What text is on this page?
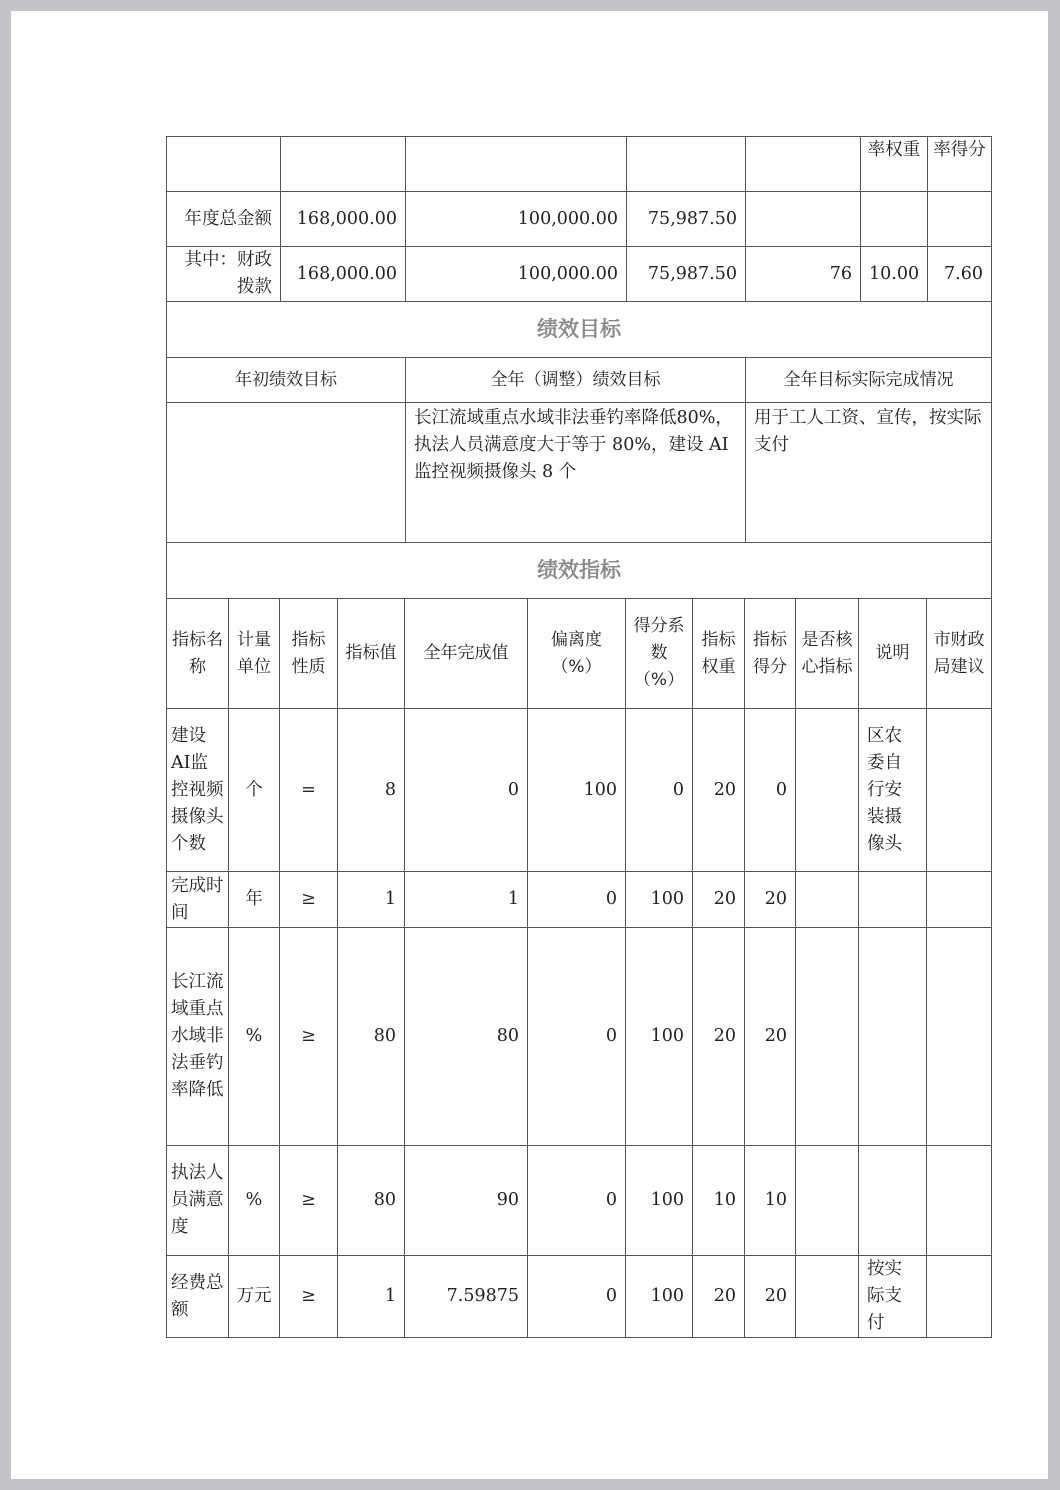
					率权重	率得分
年度总金额	168,000.00	100,000.00	75,987.50			
其中：财政拨款	168,000.00	100,000.00	75,987.50	76	10.00	7.60
绩效目标		
年初绩效目标	全年（调整）绩效目标	全年目标实际完成情况
	长江流域重点水域非法垂钓率降低80%，执法人员满意度大于等于 80%，建设 AI 监控视频摄像头 8 个	用于工人工资、宣传，按实际支付
绩效指标											
指标名称	计量单位	指标性质	指标值	全年完成值	偏离度（%）	得分系数（%）	指标权重	指标得分	是否核心指标	说明	市财政局建议
建设AI监控视频摄像头个数	个	=	8	0	100	0	20	0		区农委自行安装摄像头	
完成时间	年	≥	1	1	0	100	20	20			
长江流域重点水域非法垂钓率降低	%	≥	80	80	0	100	20	20			
执法人员满意度	%	≥	80	90	0	100	10	10			
经费总额	万元	≥	1	7.59875	0	100	20	20		按实际支付	
